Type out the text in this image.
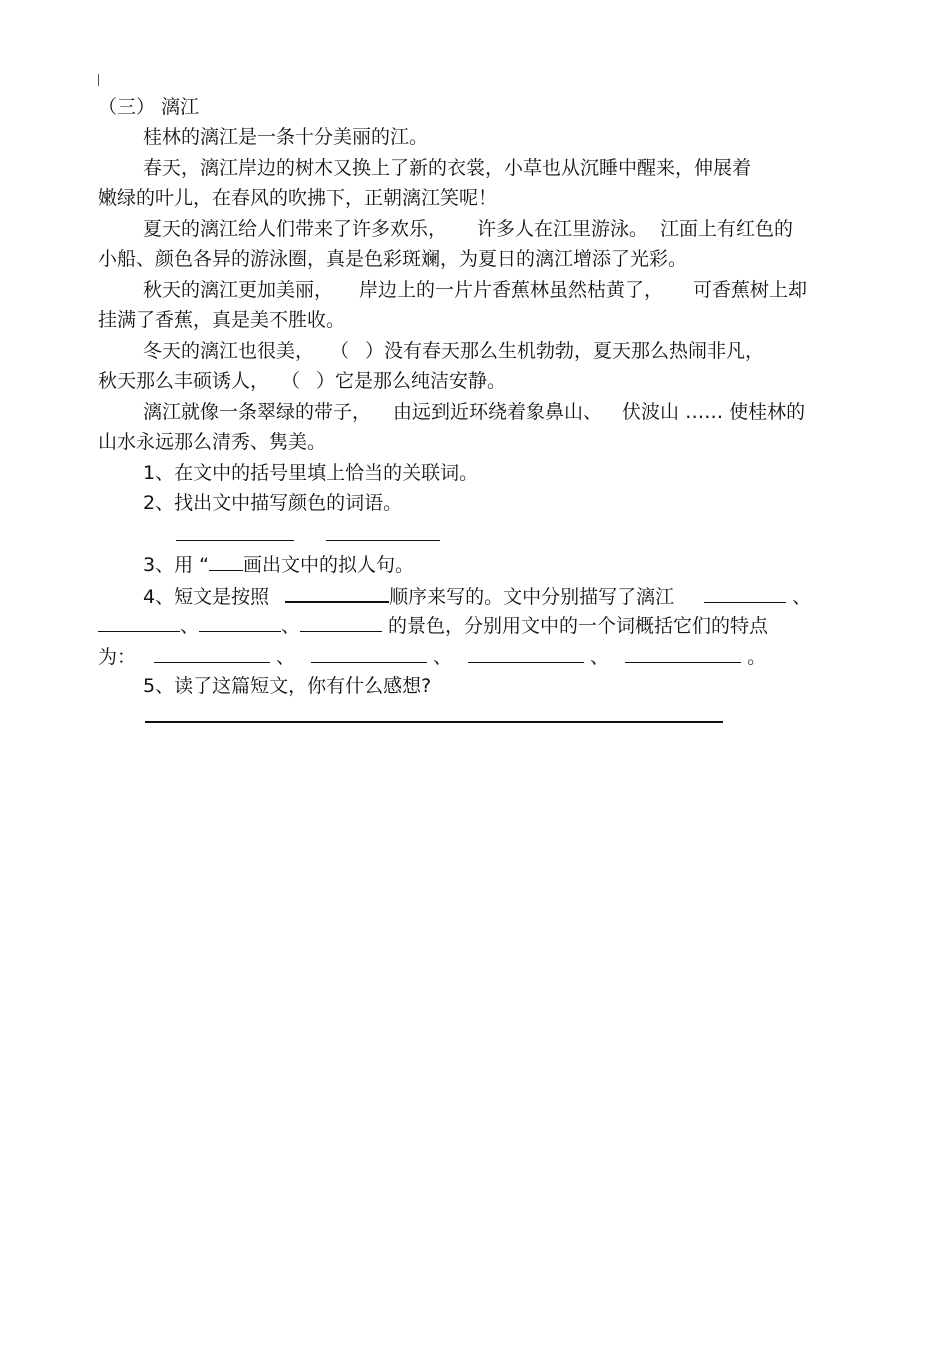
（三） 漓江
桂林的漓江是一条十分美丽的江。
春天，漓江岸边的树木又换上了新的衣裳，小草也从沉睡中醒来，伸展着
嫩绿的叶儿，在春风的吹拂下，正朝漓江笑呢！
夏天的漓江给人们带来了许多欢乐， 许多人在江里游泳。 江面上有红色的
小船、颜色各异的游泳圈，真是色彩斑斓，为夏日的漓江增添了光彩。
秋天的漓江更加美丽， 岸边上的一片片香蕉林虽然枯黄了， 可香蕉树上却
挂满了香蕉，真是美不胜收。
冬天的漓江也很美， （ ）没有春天那么生机勃勃，夏天那么热闹非凡，
秋天那么丰硕诱人， （ ）它是那么纯洁安静。
漓江就像一条翠绿的带子， 由远到近环绕着象鼻山、 伏波山 …… 使桂林的
山水永远那么清秀、隽美。
1、在文中的括号里填上恰当的关联词。
2、找出文中描写颜色的词语。
3、用 “ 画出文中的拟人句。
4、短文是按照	顺序来写的。文中分别描写了漓江	、
、	、	的景色，分别用文中的一个词概括它们的特点
为：	、	、	、	。
5、读了这篇短文，你有什么感想?
